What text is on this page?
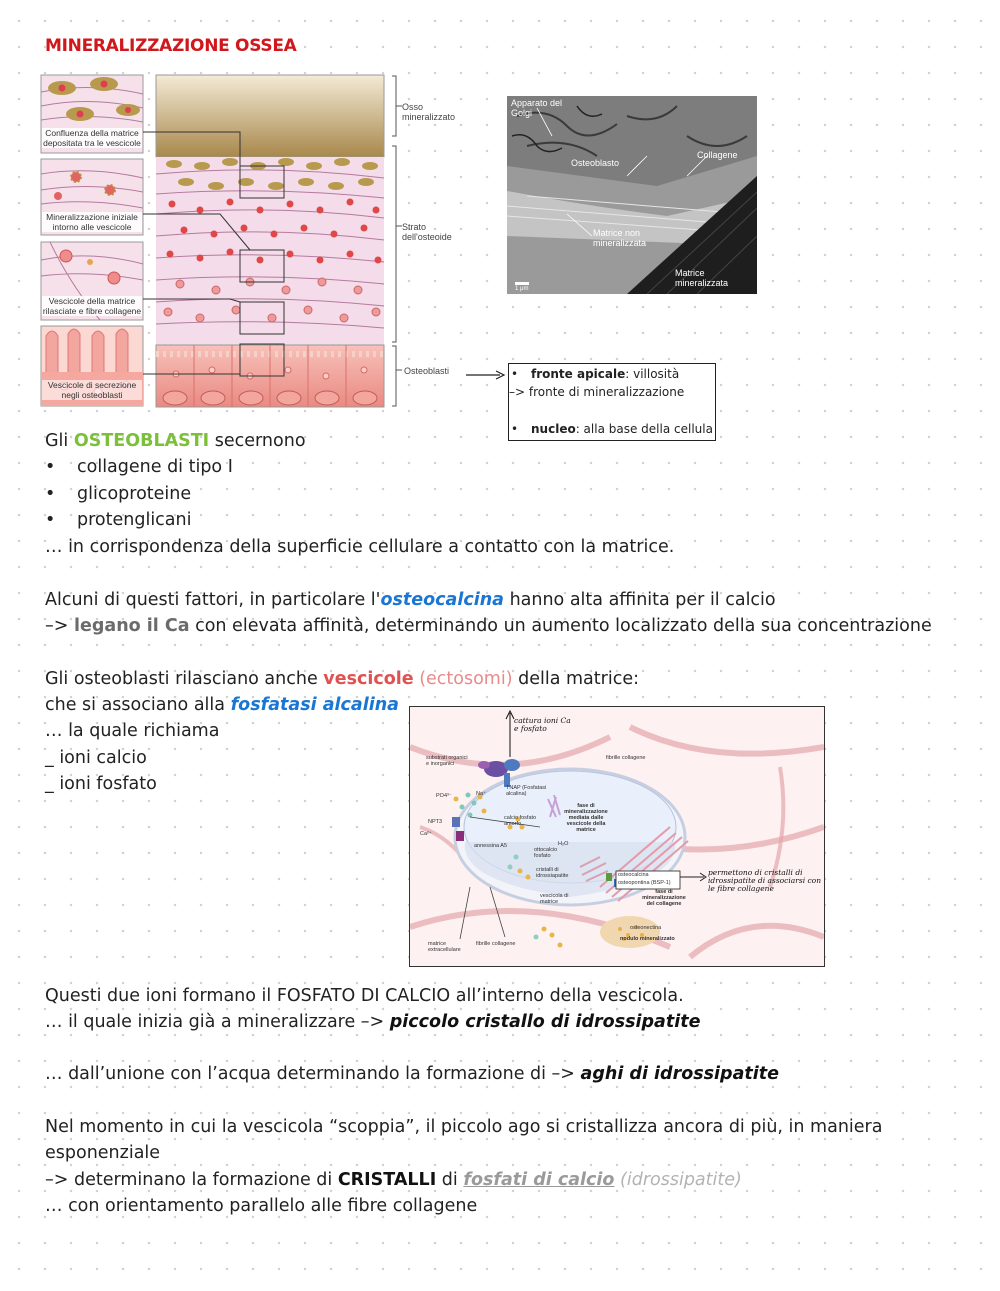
MINERALIZZAZIONE OSSEA
Confluenza della matrice depositata tra le vescicole
Mineralizzazione iniziale intorno alle vescicole
Vescicole della matrice rilasciate e fibre collagene
Vescicole di secrezione negli osteoblasti
Osso mineralizzato
Strato dell'osteoide
Osteoblasti	• fronte apicale: villosità
–> fronte di mineralizzazione
• nucleo: alla base della cellula
Apparato del Golgi
Osteoblasto
Collagene
Matrice non mineralizzata
Matrice mineralizzata
1 μm
Gli OSTEOBLASTI secernono
• collagene di tipo I
• glicoproteine
• protenglicani
… in corrispondenza della superficie cellulare a contatto con la matrice.
Alcuni di questi fattori, in particolare l'osteocalcina hanno alta affinita per il calcio
–> legano il Ca con elevata affinità, determinando un aumento localizzato della sua concentrazione
Gli osteoblasti rilasciano anche vescicole (ectosomi) della matrice:
che si associano alla fosfatasi alcalina
… la quale richiama
_ ioni calcio
_ ioni fosfato
cattura ioni Ca e fosfato
permettono di cristalli di idrossipatite di associarsi con le fibre collagene
substrati organici e inorganici
TNAP (Fosfatasi alcalina)
fibrille collagene
PO4³⁻	Na⁺
NPT3
Ca²⁺
calcio fosfato amorfo
fase di mineralizzazione mediata dalle vescicole della matrice
annessina A5
ottocalcio fosfato
H₂O
cristalli di idrossiapatite	osteocalcina
osteopontina (BSP-1)
fase di mineralizzazione del collagene
vescicola di matrice
osteonectina
nodulo mineralizzato
matrice extracellulare
fibrille collagene
Questi due ioni formano il FOSFATO DI CALCIO all’interno della vescicola.
… il quale inizia già a mineralizzare –> piccolo cristallo di idrossipatite
… dall’unione con l’acqua determinando la formazione di –> aghi di idrossipatite
Nel momento in cui la vescicola “scoppia”, il piccolo ago si cristallizza ancora di più, in maniera
esponenziale
–> determinano la formazione di CRISTALLI di fosfati di calcio (idrossipatite)
… con orientamento parallelo alle fibre collagene
